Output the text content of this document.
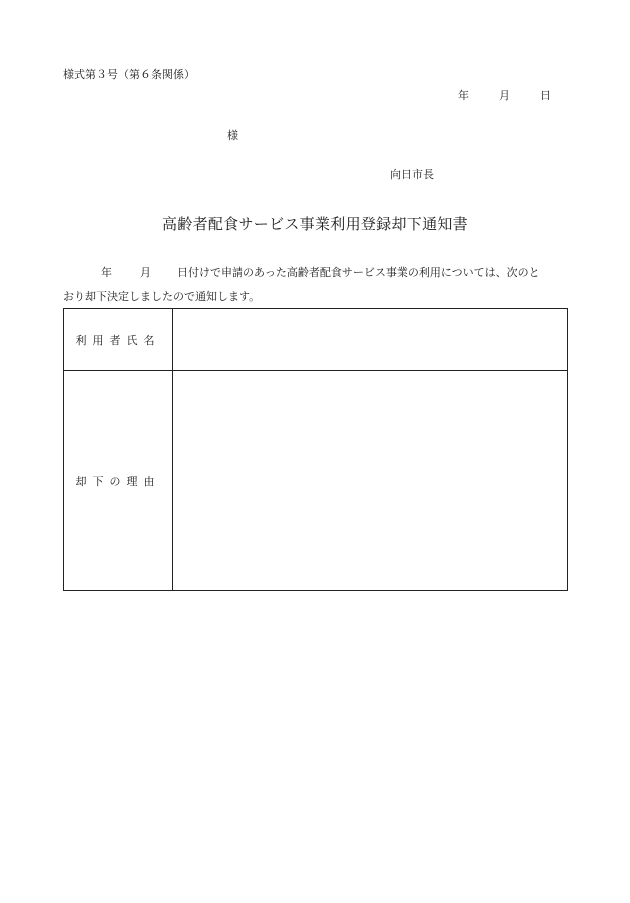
様式第３号（第６条関係）
年	月	日
様
向日市長
高齢者配食サービス事業利用登録却下通知書
年	月 日付けで申請のあった高齢者配食サービス事業の利用については、次のと
おり却下決定しましたので通知します。
利用者氏名	
却下の理由	
